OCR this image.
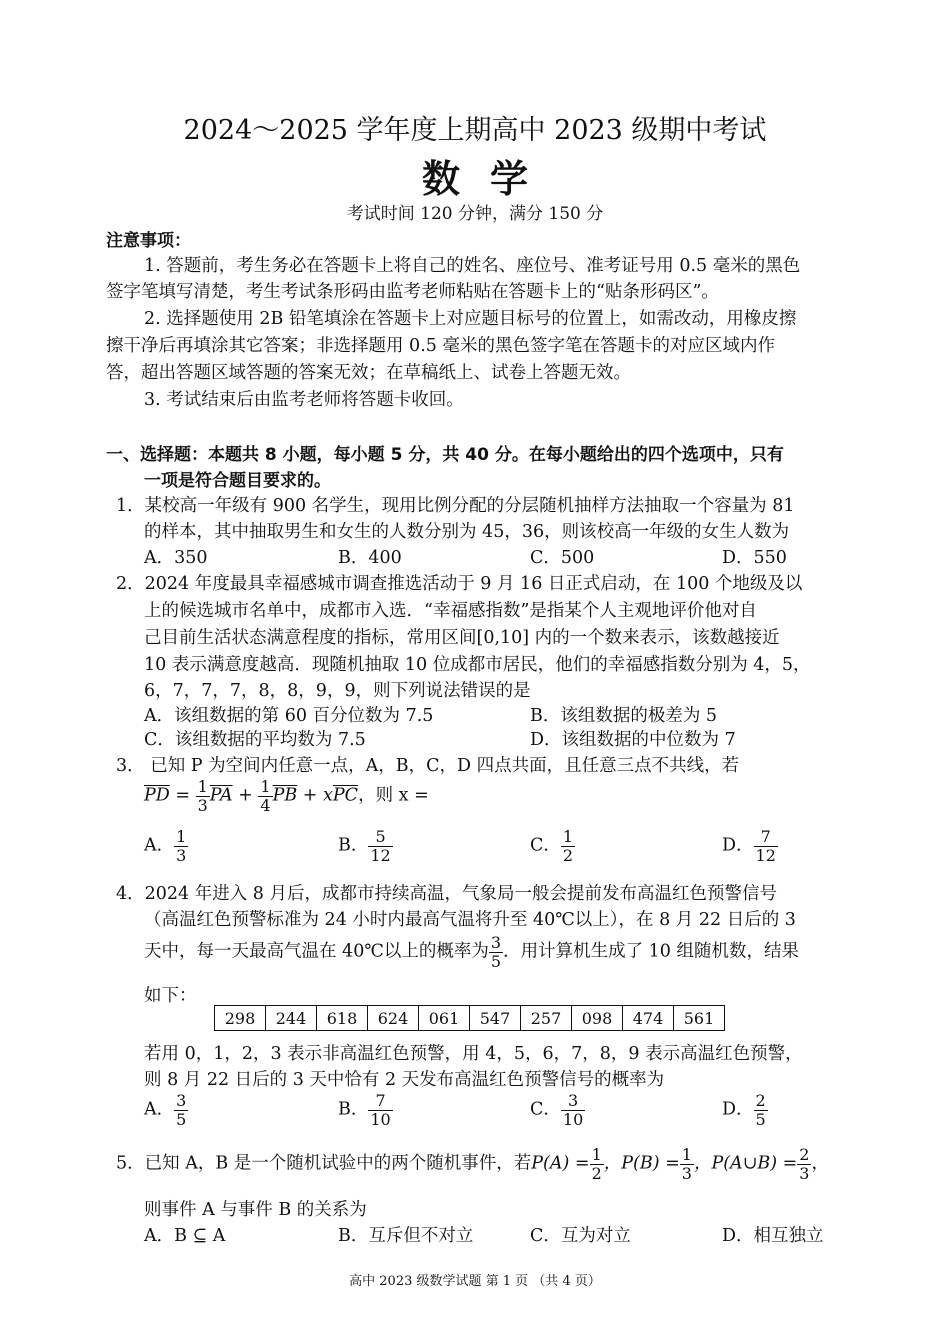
2024～2025 学年度上期高中 2023 级期中考试
数学
考试时间 120 分钟，满分 150 分
注意事项：
1. 答题前，考生务必在答题卡上将自己的姓名、座位号、准考证号用 0.5 毫米的黑色
签字笔填写清楚，考生考试条形码由监考老师粘贴在答题卡上的“贴条形码区”。
2. 选择题使用 2B 铅笔填涂在答题卡上对应题目标号的位置上，如需改动，用橡皮擦
擦干净后再填涂其它答案；非选择题用 0.5 毫米的黑色签字笔在答题卡的对应区域内作
答，超出答题区域答题的答案无效；在草稿纸上、试卷上答题无效。
3. 考试结束后由监考老师将答题卡收回。
一、选择题：本题共 8 小题，每小题 5 分，共 40 分。在每小题给出的四个选项中，只有
一项是符合题目要求的。
1．某校高一年级有 900 名学生，现用比例分配的分层随机抽样方法抽取一个容量为 81
的样本，其中抽取男生和女生的人数分别为 45，36，则该校高一年级的女生人数为
A．350	B．400	C．500	D．550
2．2024 年度最具幸福感城市调查推选活动于 9 月 16 日正式启动，在 100 个地级及以
上的候选城市名单中，成都市入选．“幸福感指数”是指某个人主观地评价他对自
己目前生活状态满意程度的指标，常用区间[0,10] 内的一个数来表示，该数越接近
10 表示满意度越高．现随机抽取 10 位成都市居民，他们的幸福感指数分别为 4，5，
6，7，7，7，8，8，9，9，则下列说法错误的是
A．该组数据的第 60 百分位数为 7.5	B．该组数据的极差为 5
C．该组数据的平均数为 7.5	D．该组数据的中位数为 7
3． 已知 P 为空间内任意一点，A，B，C，D 四点共面，且任意三点不共线，若
$\overline{PD} = \frac{1}{3} \overline{PA} + \frac{1}{4} \overline{PB} + x\overline{PC}$，则 x =
A． $\frac{1}{3}$	B． $\frac{5}{12}$	C． $\frac{1}{2}$	D． $\frac{7}{12}$
4．2024 年进入 8 月后，成都市持续高温，气象局一般会提前发布高温红色预警信号
（高温红色预警标准为 24 小时内最高气温将升至 40℃以上），在 8 月 22 日后的 3
天中，每一天最高气温在 40℃以上的概率为 $\frac{3}{5}$ ．用计算机生成了 10 组随机数，结果
如下：
298	244	618	624	061	547	257	098	474	561
若用 0，1，2，3 表示非高温红色预警，用 4，5，6，7，8，9 表示高温红色预警，
则 8 月 22 日后的 3 天中恰有 2 天发布高温红色预警信号的概率为
A． $\frac{3}{5}$	B． $\frac{7}{10}$	C． $\frac{3}{10}$	D． $\frac{2}{5}$
5．已知 A，B 是一个随机试验中的两个随机事件，若$P(A) = \frac{1}{2}$ ，$P(B) = \frac{1}{3}$ ，P(A∪B) = $\frac{2}{3}$ ，
则事件 A 与事件 B 的关系为
A．B ⊆ A	B．互斥但不对立	C．互为对立	D．相互独立
高中 2023 级数学试题 第 1 页 （共 4 页）
